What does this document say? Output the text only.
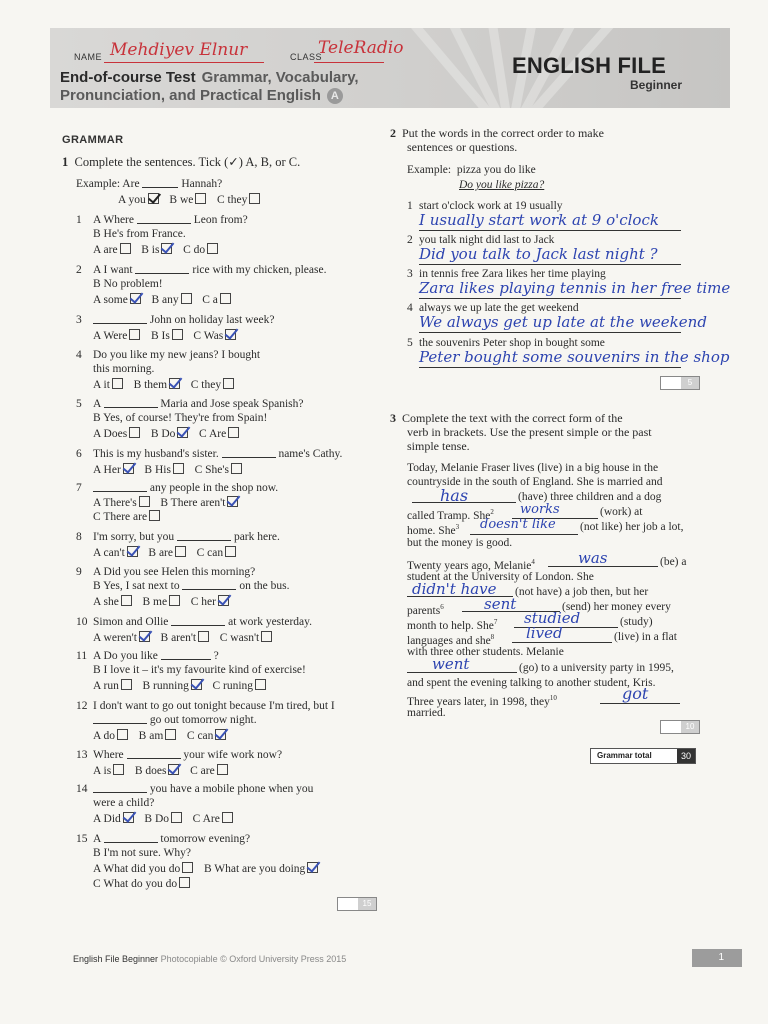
NAME Mehdiyev Elnur	CLASS
TeleRadio
End-of-course Test Grammar, Vocabulary,
Pronunciation, and Practical English A
ENGLISH FILE
Beginner
GRAMMAR
1 Complete the sentences. Tick (✓) A, B, or C.
Example: Are	Hannah?
A you B we C they
1 A Where	Leon from?
B He's from France.
A are B is C do
2 A I want	rice with my chicken, please.
B No problem!
A some B any C a
3	John on holiday last week?
A Were B Is C Was
4 Do you like my new jeans? I bought
this morning.
A it B them C they
5 A	Maria and Jose speak Spanish?
B Yes, of course! They're from Spain!
A Does B Do C Are
6 This is my husband's sister.	name's Cathy.
A Her B His C She's
7	any people in the shop now.
A There's B There aren't
C There are
8 I'm sorry, but you	park here.
A can't B are C can
9 A Did you see Helen this morning?
B Yes, I sat next to	on the bus.
A she B me C her
10 Simon and Ollie	at work yesterday.
A weren't B aren't C wasn't
11 A Do you like	?
B I love it – it's my favourite kind of exercise!
A run B running C runing
12 I don't want to go out tonight because I'm tired, but I
go out tomorrow night.
A do B am C can
13 Where	your wife work now?
A is B does C are
14	you have a mobile phone when you
were a child?
A Did B Do C Are
15 A	tomorrow evening?
B I'm not sure. Why?
A What did you do B What are you doing
C What do you do
15
2 Put the words in the correct order to make
sentences or questions.
Example: pizza you do like
Do you like pizza?
1 start o'clock work at 19 usually
I usually start work at 9 o'clock
2 you talk night did last to Jack
Did you talk to Jack last night ?
3 in tennis free Zara likes her time playing
Zara likes playing tennis in her free time
4 always we up late the get weekend
We always get up late at the weekend
5 the souvenirs Peter shop in bought some
Peter bought some souvenirs in the shop
5
3 Complete the text with the correct form of the
verb in brackets. Use the present simple or the past
simple tense.
Today, Melanie Fraser lives (live) in a big house in the
countryside in the south of England. She is married and
has	(have) three children and a dog
called Tramp. She$^2$ works	(work) at
home. She$^3$ doesn't like (not like) her job a lot,
but the money is good.
Twenty years ago, Melanie$^4$	was	(be) a
student at the University of London. She
didn't have (not have) a job then, but her
parents$^6$	sent	(send) her money every
month to help. She$^7$ studied	(study)
languages and she$^8$ lived	(live) in a flat
with three other students. Melanie
went	(go) to a university party in 1995,
and spent the evening talking to another student, Kris.
Three years later, in 1998, they$^{10}$	got
married.
10
Grammar total	30
English File Beginner Photocopiable © Oxford University Press 2015	1
